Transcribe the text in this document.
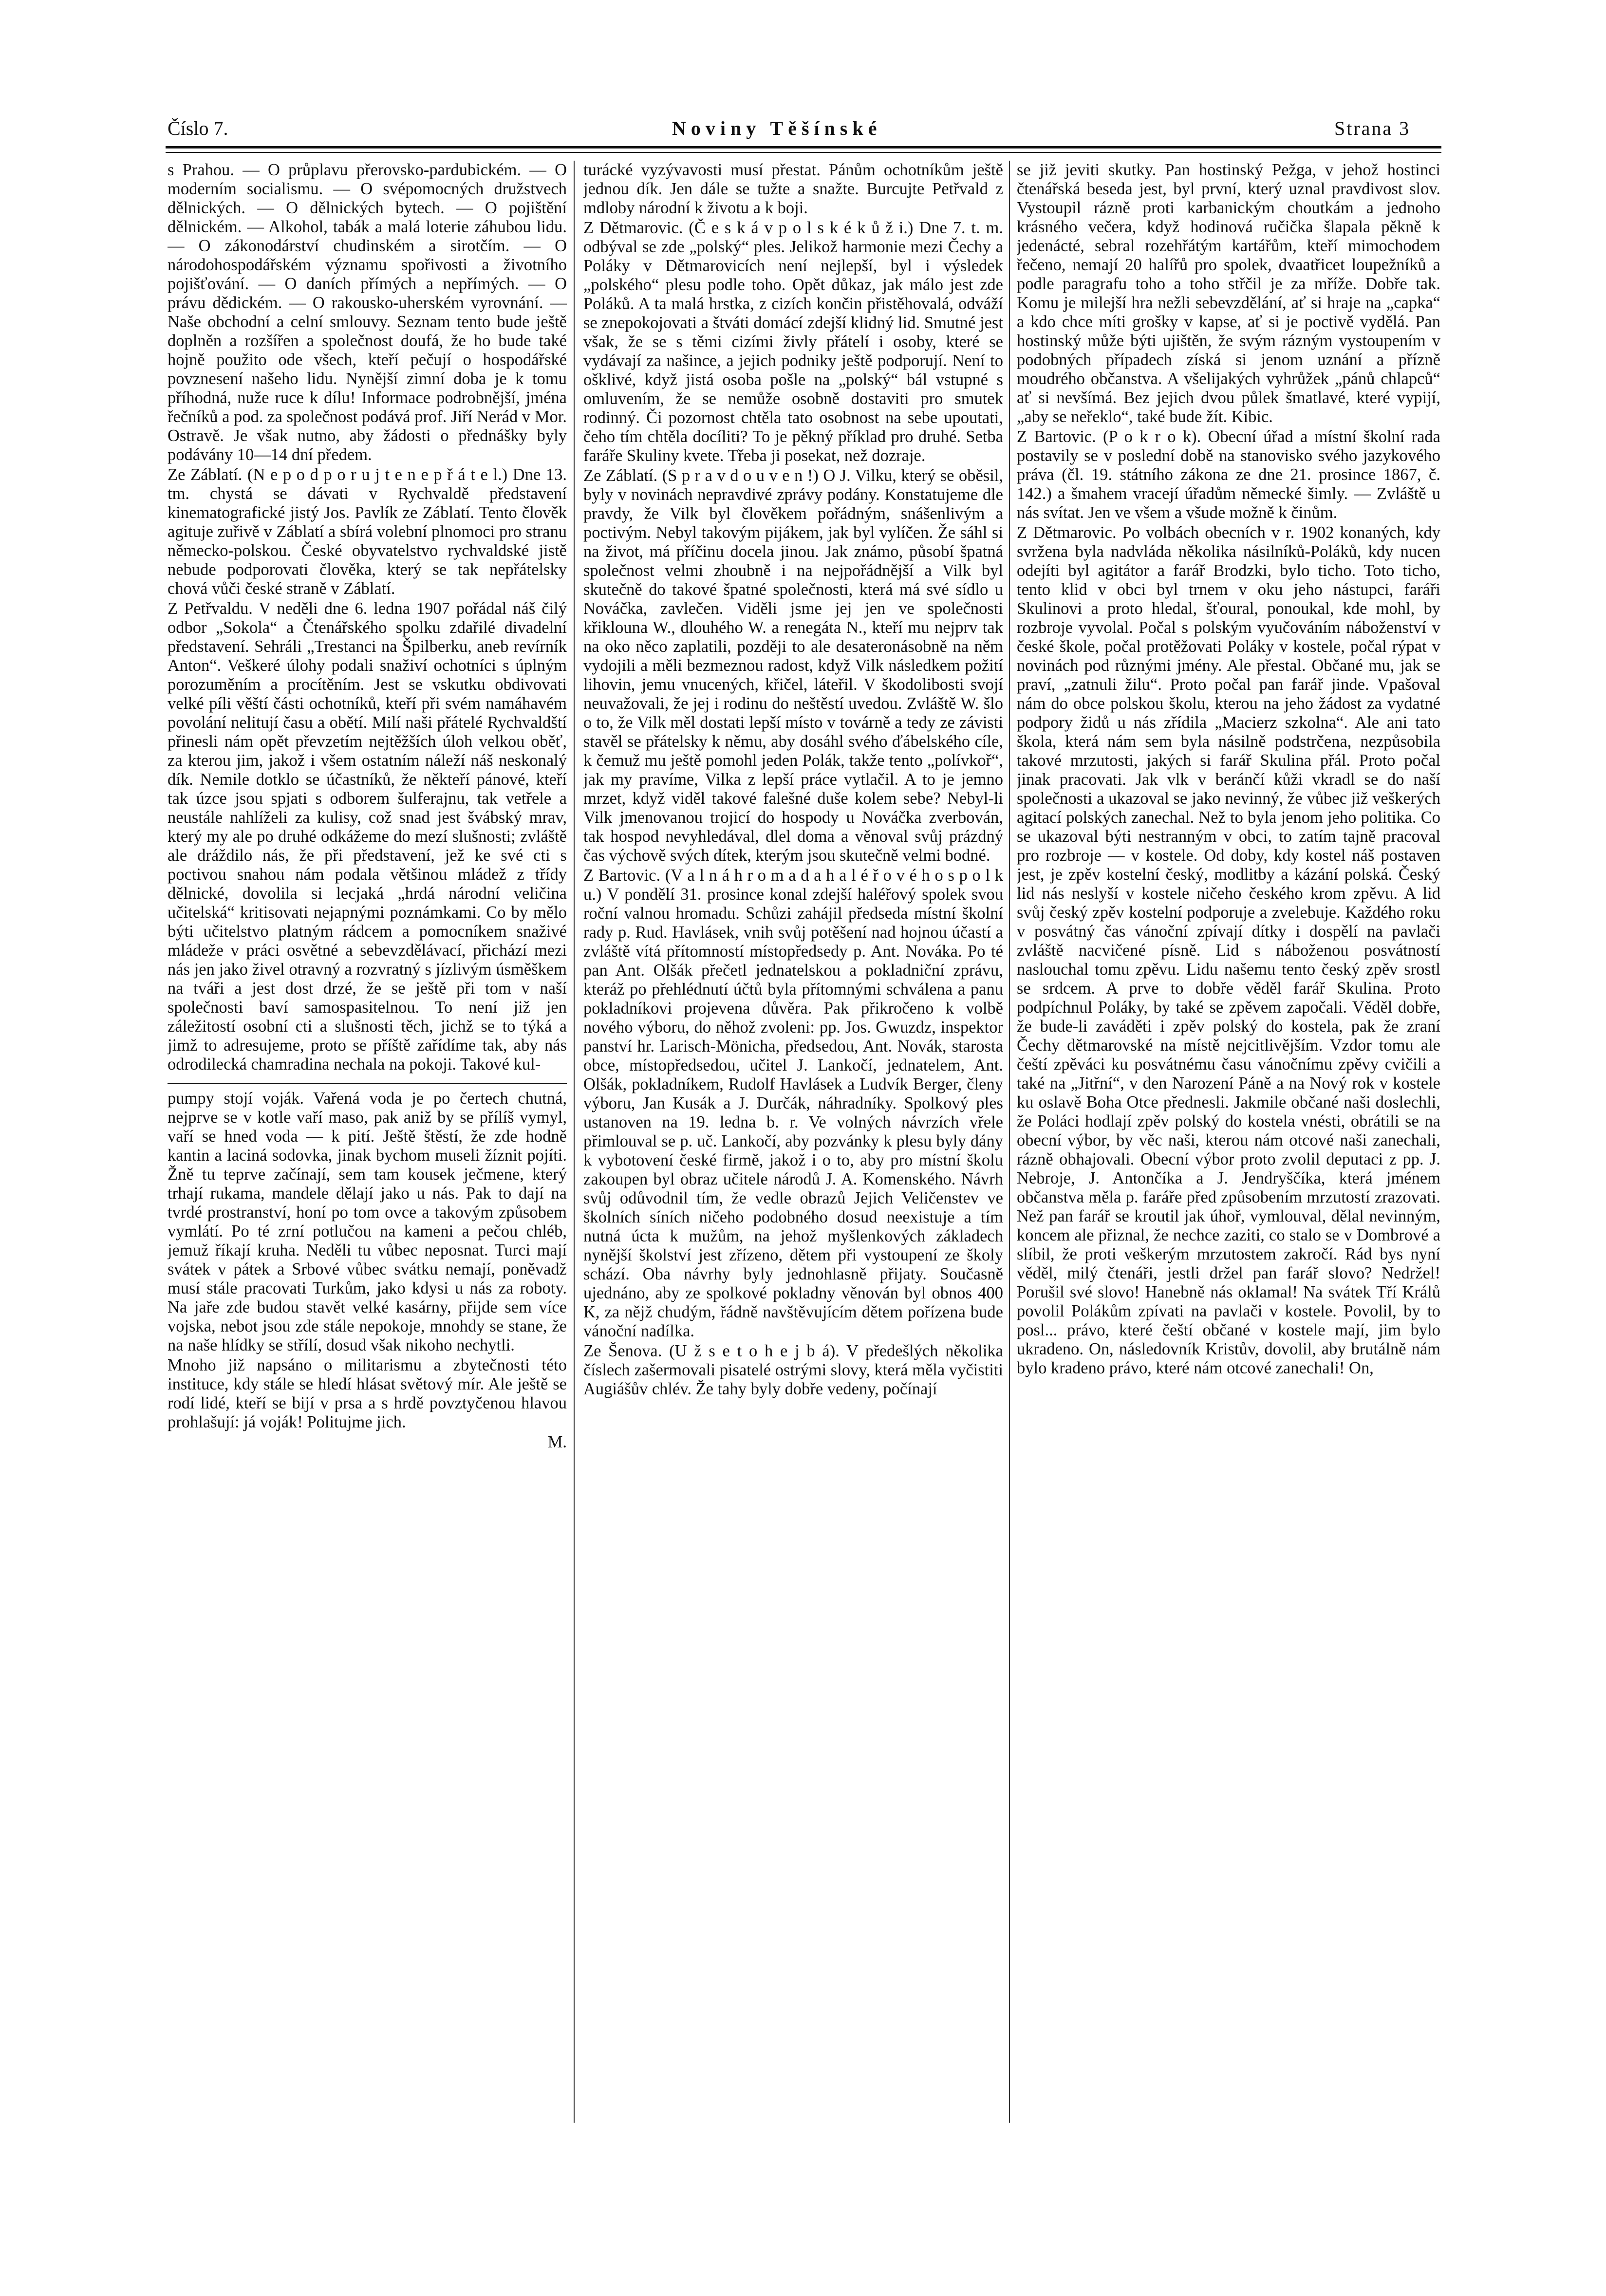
Číslo 7.	Noviny Těšínské	Strana 3

s Prahou. — O průplavu přerovsko-pardubickém. — O moderním socialismu. — O svépomocných družstvech dělnických. — O dělnických bytech. — O pojištění dělnickém. — Alkohol, tabák a malá loterie záhubou lidu. — O zákonodárství chudinském a sirotčím. — O národohospodářském významu spořivosti a životního pojišťování. — O daních přímých a nepřímých. — O právu dědickém. — O rakousko-uherském vyrovnání. — Naše obchodní a celní smlouvy. Seznam tento bude ještě doplněn a rozšířen a společnost doufá, že ho bude také hojně použito ode všech, kteří pečují o hospodářské povznesení našeho lidu. Nynější zimní doba je k tomu příhodná, nuže ruce k dílu! Informace podrobnější, jména řečníků a pod. za společnost podává prof. Jiří Nerád v Mor. Ostravě. Je však nutno, aby žádosti o přednášky byly podávány 10—14 dní předem.

Ze Záblatí. (N e p o d p o r u j t e n e p ř á t e l.) Dne 13. tm. chystá se dávati v Rychvaldě představení kinematografické jistý Jos. Pavlík ze Záblatí. Tento člověk agituje zuřivě v Záblatí a sbírá volební plnomoci pro stranu německo-polskou. České obyvatelstvo rychvaldské jistě nebude podporovati člověka, který se tak nepřátelsky chová vůči české straně v Záblatí.

Z Petřvaldu. V neděli dne 6. ledna 1907 pořádal náš čilý odbor „Sokola“ a Čtenářského spolku zdařilé divadelní představení. Sehráli „Trestanci na Špilberku, aneb revírník Anton“. Veškeré úlohy podali snaživí ochotníci s úplným porozuměním a procítěním. Jest se vskutku obdivovati velké píli věští části ochotníků, kteří při svém namáhavém povolání nelitují času a obětí. Milí naši přátelé Rychvaldští přinesli nám opět převzetím nejtěžších úloh velkou oběť, za kterou jim, jakož i všem ostatním náleží náš neskonalý dík. Nemile dotklo se účastníků, že někteří pánové, kteří tak úzce jsou spjati s odborem šulferajnu, tak vetřele a neustále nahlíželi za kulisy, což snad jest švábský mrav, který my ale po druhé odkážeme do mezí slušnosti; zvláště ale dráždilo nás, že při představení, jež ke své cti s poctivou snahou nám podala většinou mládež z třídy dělnické, dovolila si lecjaká „hrdá národní veličina učitelská“ kritisovati nejapnými poznámkami. Co by mělo býti učitelstvo platným rádcem a pomocníkem snaživé mládeže v práci osvětné a sebevzdělávací, přichází mezi nás jen jako živel otravný a rozvratný s jízlivým úsměškem na tváři a jest dost drzé, že se ještě při tom v naší společnosti baví samospasitelnou. To není již jen záležitostí osobní cti a slušnosti těch, jichž se to týká a jimž to adresujeme, proto se příště zařídíme tak, aby nás odrodilecká chamradina nechala na pokoji. Takové kul-

pumpy stojí voják. Vařená voda je po čertech chutná, nejprve se v kotle vaří maso, pak aniž by se přílíš vymyl, vaří se hned voda — k pití. Ještě štěstí, že zde hodně kantin a laciná sodovka, jinak bychom museli žíznit pojíti. Žně tu teprve začínají, sem tam kousek ječmene, který trhají rukama, mandele dělají jako u nás. Pak to dají na tvrdé prostranství, honí po tom ovce a takovým způsobem vymlátí. Po té zrní potlučou na kameni a pečou chléb, jemuž říkají kruha. Neděli tu vůbec neposnat. Turci mají svátek v pátek a Srbové vůbec svátku nemají, poněvadž musí stále pracovati Turkům, jako kdysi u nás za roboty. Na jaře zde budou stavět velké kasárny, přijde sem více vojska, nebot jsou zde stále nepokoje, mnohdy se stane, že na naše hlídky se střílí, dosud však nikoho nechytli.

Mnoho již napsáno o militarismu a zbytečnosti této instituce, kdy stále se hledí hlásat světový mír. Ale ještě se rodí lidé, kteří se bijí v prsa a s hrdě povztyčenou hlavou prohlašují: já voják! Politujme jich.

M.

turácké vyzývavosti musí přestat. Pánům ochotníkům ještě jednou dík. Jen dále se tužte a snažte. Burcujte Petřvald z mdloby národní k životu a k boji.

Z Dětmarovic. (Č e s k á v p o l s k é k ů ž i.) Dne 7. t. m. odbýval se zde „polský“ ples. Jelikož harmonie mezi Čechy a Poláky v Dětmarovicích není nejlepší, byl i výsledek „polského“ plesu podle toho. Opět důkaz, jak málo jest zde Poláků. A ta malá hrstka, z cizích končin přistěhovalá, odváží se znepokojovati a štváti domácí zdejší klidný lid. Smutné jest však, že se s těmi cizími živly přátelí i osoby, které se vydávají za našince, a jejich podniky ještě podporují. Není to ošklivé, když jistá osoba pošle na „polský“ bál vstupné s omluvením, že se nemůže osobně dostaviti pro smutek rodinný. Či pozornost chtěla tato osobnost na sebe upoutati, čeho tím chtěla docíliti? To je pěkný příklad pro druhé. Setba faráře Skuliny kvete. Třeba ji posekat, než dozraje.

Ze Záblatí. (S p r a v d o u v e n !) O J. Vilku, který se oběsil, byly v novinách nepravdivé zprávy podány. Konstatujeme dle pravdy, že Vilk byl člověkem pořádným, snášenlivým a poctivým. Nebyl takovým pijákem, jak byl vylíčen. Že sáhl si na život, má příčinu docela jinou. Jak známo, působí špatná společnost velmi zhoubně i na nejpořádnější a Vilk byl skutečně do takové špatné společnosti, která má své sídlo u Nováčka, zavlečen. Viděli jsme jej jen ve společnosti křiklouna W., dlouhého W. a renegáta N., kteří mu nejprv tak na oko něco zaplatili, později to ale desateronásobně na něm vydojili a měli bezmeznou radost, když Vilk následkem požití lihovin, jemu vnucených, křičel, láteřil. V škodolibosti svojí neuvažovali, že jej i rodinu do neštěstí uvedou. Zvláště W. šlo o to, že Vilk měl dostati lepší místo v továrně a tedy ze závisti stavěl se přátelsky k němu, aby dosáhl svého ďábelského cíle, k čemuž mu ještě pomohl jeden Polák, takže tento „polívkoř“, jak my pravíme, Vilka z lepší práce vytlačil. A to je jemno mrzet, když viděl takové falešné duše kolem sebe? Nebyl-li Vilk jmenovanou trojicí do hospody u Nováčka zverbován, tak hospod nevyhledával, dlel doma a věnoval svůj prázdný čas výchově svých dítek, kterým jsou skutečně velmi bodné.

Z Bartovic. (V a l n á h r o m a d a h a l é ř o v é h o s p o l k u.) V pondělí 31. prosince konal zdejší haléřový spolek svou roční valnou hromadu. Schůzi zahájil předseda místní školní rady p. Rud. Havlásek, vnih svůj potěšení nad hojnou účastí a zvláště vítá přítomností místopředsedy p. Ant. Nováka. Po té pan Ant. Olšák přečetl jednatelskou a pokladniční zprávu, kteráž po přehlédnutí účtů byla přítomnými schválena a panu pokladníkovi projevena důvěra. Pak přikročeno k volbě nového výboru, do něhož zvoleni: pp. Jos. Gwuzdz, inspektor panství hr. Larisch-Mönicha, předsedou, Ant. Novák, starosta obce, místopředsedou, učitel J. Lankočí, jednatelem, Ant. Olšák, pokladníkem, Rudolf Havlásek a Ludvík Berger, členy výboru, Jan Kusák a J. Durčák, náhradníky. Spolkový ples ustanoven na 19. ledna b. r. Ve volných návrzích vřele přimlouval se p. uč. Lankočí, aby pozvánky k plesu byly dány k vybotovení české firmě, jakož i o to, aby pro místní školu zakoupen byl obraz učitele národů J. A. Komenského. Návrh svůj odůvodnil tím, že vedle obrazů Jejich Veličenstev ve školních síních ničeho podobného dosud neexistuje a tím nutná úcta k mužům, na jehož myšlenkových základech nynější školství jest zřízeno, dětem při vystoupení ze školy schází. Oba návrhy byly jednohlasně přijaty. Současně ujednáno, aby ze spolkové pokladny věnován byl obnos 400 K, za nějž chudým, řádně navštěvujícím dětem pořízena bude vánoční nadílka.

Ze Šenova. (U ž s e t o h e j b á). V předešlých několika číslech zašermovali pisatelé ostrými slovy, která měla vyčistiti Augiášův chlév. Že tahy byly dobře vedeny, počínají

se již jeviti skutky. Pan hostinský Pežga, v jehož hostinci čtenářská beseda jest, byl první, který uznal pravdivost slov. Vystoupil rázně proti karbanickým choutkám a jednoho krásného večera, když hodinová ručička šlapala pěkně k jedenácté, sebral rozehřátým kartářům, kteří mimochodem řečeno, nemají 20 halířů pro spolek, dvaatřicet loupežníků a podle paragrafu toho a toho střčil je za mříže. Dobře tak. Komu je milejší hra nežli sebevzdělání, ať si hraje na „capka“ a kdo chce míti grošky v kapse, ať si je poctivě vydělá. Pan hostinský může býti ujištěn, že svým rázným vystoupením v podobných případech získá si jenom uznání a přízně moudrého občanstva. A všelijakých vyhrůžek „pánů chlapců“ ať si nevšímá. Bez jejich dvou půlek šmatlavé, které vypijí, „aby se neřeklo“, také bude žít. Kibic.

Z Bartovic. (P o k r o k). Obecní úřad a místní školní rada postavily se v poslední době na stanovisko svého jazykového práva (čl. 19. státního zákona ze dne 21. prosince 1867, č. 142.) a šmahem vracejí úřadům německé šimly. — Zvláště u nás svítat. Jen ve všem a všude možně k činům.

Z Dětmarovic. Po volbách obecních v r. 1902 konaných, kdy svržena byla nadvláda několika násilníků-Poláků, kdy nucen odejíti byl agitátor a farář Brodzki, bylo ticho. Toto ticho, tento klid v obci byl trnem v oku jeho nástupci, faráři Skulinovi a proto hledal, šťoural, ponoukal, kde mohl, by rozbroje vyvolal. Počal s polským vyučováním náboženství v české škole, počal protěžovati Poláky v kostele, počal rýpat v novinách pod různými jmény. Ale přestal. Občané mu, jak se praví, „zatnuli žilu“. Proto počal pan farář jinde. Vpašoval nám do obce polskou školu, kterou na jeho žádost za vydatné podpory židů u nás zřídila „Macierz szkolna“. Ale ani tato škola, která nám sem byla násilně podstrčena, nezpůsobila takové mrzutosti, jakých si farář Skulina přál. Proto počal jinak pracovati. Jak vlk v beránčí kůži vkradl se do naší společnosti a ukazoval se jako nevinný, že vůbec již veškerých agitací polských zanechal. Než to byla jenom jeho politika. Co se ukazoval býti nestranným v obci, to zatím tajně pracoval pro rozbroje — v kostele. Od doby, kdy kostel náš postaven jest, je zpěv kostelní český, modlitby a kázání polská. Český lid nás neslyší v kostele ničeho českého krom zpěvu. A lid svůj český zpěv kostelní podporuje a zvelebuje. Každého roku v posvátný čas vánoční zpívají dítky i dospělí na pavlači zvláště nacvičené písně. Lid s náboženou posvátností naslouchal tomu zpěvu. Lidu našemu tento český zpěv srostl se srdcem. A prve to dobře věděl farář Skulina. Proto podpíchnul Poláky, by také se zpěvem započali. Věděl dobře, že bude-li zaváděti i zpěv polský do kostela, pak že zraní Čechy dětmarovské na místě nejcitlivějším. Vzdor tomu ale čeští zpěváci ku posvátnému času vánočnímu zpěvy cvičili a také na „Jitřní“, v den Narození Páně a na Nový rok v kostele ku oslavě Boha Otce přednesli. Jakmile občané naši doslechli, že Poláci hodlají zpěv polský do kostela vnésti, obrátili se na obecní výbor, by věc naši, kterou nám otcové naši zanechali, rázně obhajovali. Obecní výbor proto zvolil deputaci z pp. J. Nebroje, J. Antončíka a J. Jendryščíka, která jménem občanstva měla p. faráře před způsobením mrzutostí zrazovati. Než pan farář se kroutil jak úhoř, vymlouval, dělal nevinným, koncem ale přiznal, že nechce zaziti, co stalo se v Dombrové a slíbil, že proti veškerým mrzutostem zakročí. Rád bys nyní věděl, milý čtenáři, jestli držel pan farář slovo? Nedržel! Porušil své slovo! Hanebně nás oklamal! Na svátek Tří Králů povolil Polákům zpívati na pavlači v kostele. Povolil, by to posl... právo, které čeští občané v kostele mají, jim bylo ukradeno. On, následovník Kristův, dovolil, aby brutálně nám bylo kradeno právo, které nám otcové zanechali! On,
